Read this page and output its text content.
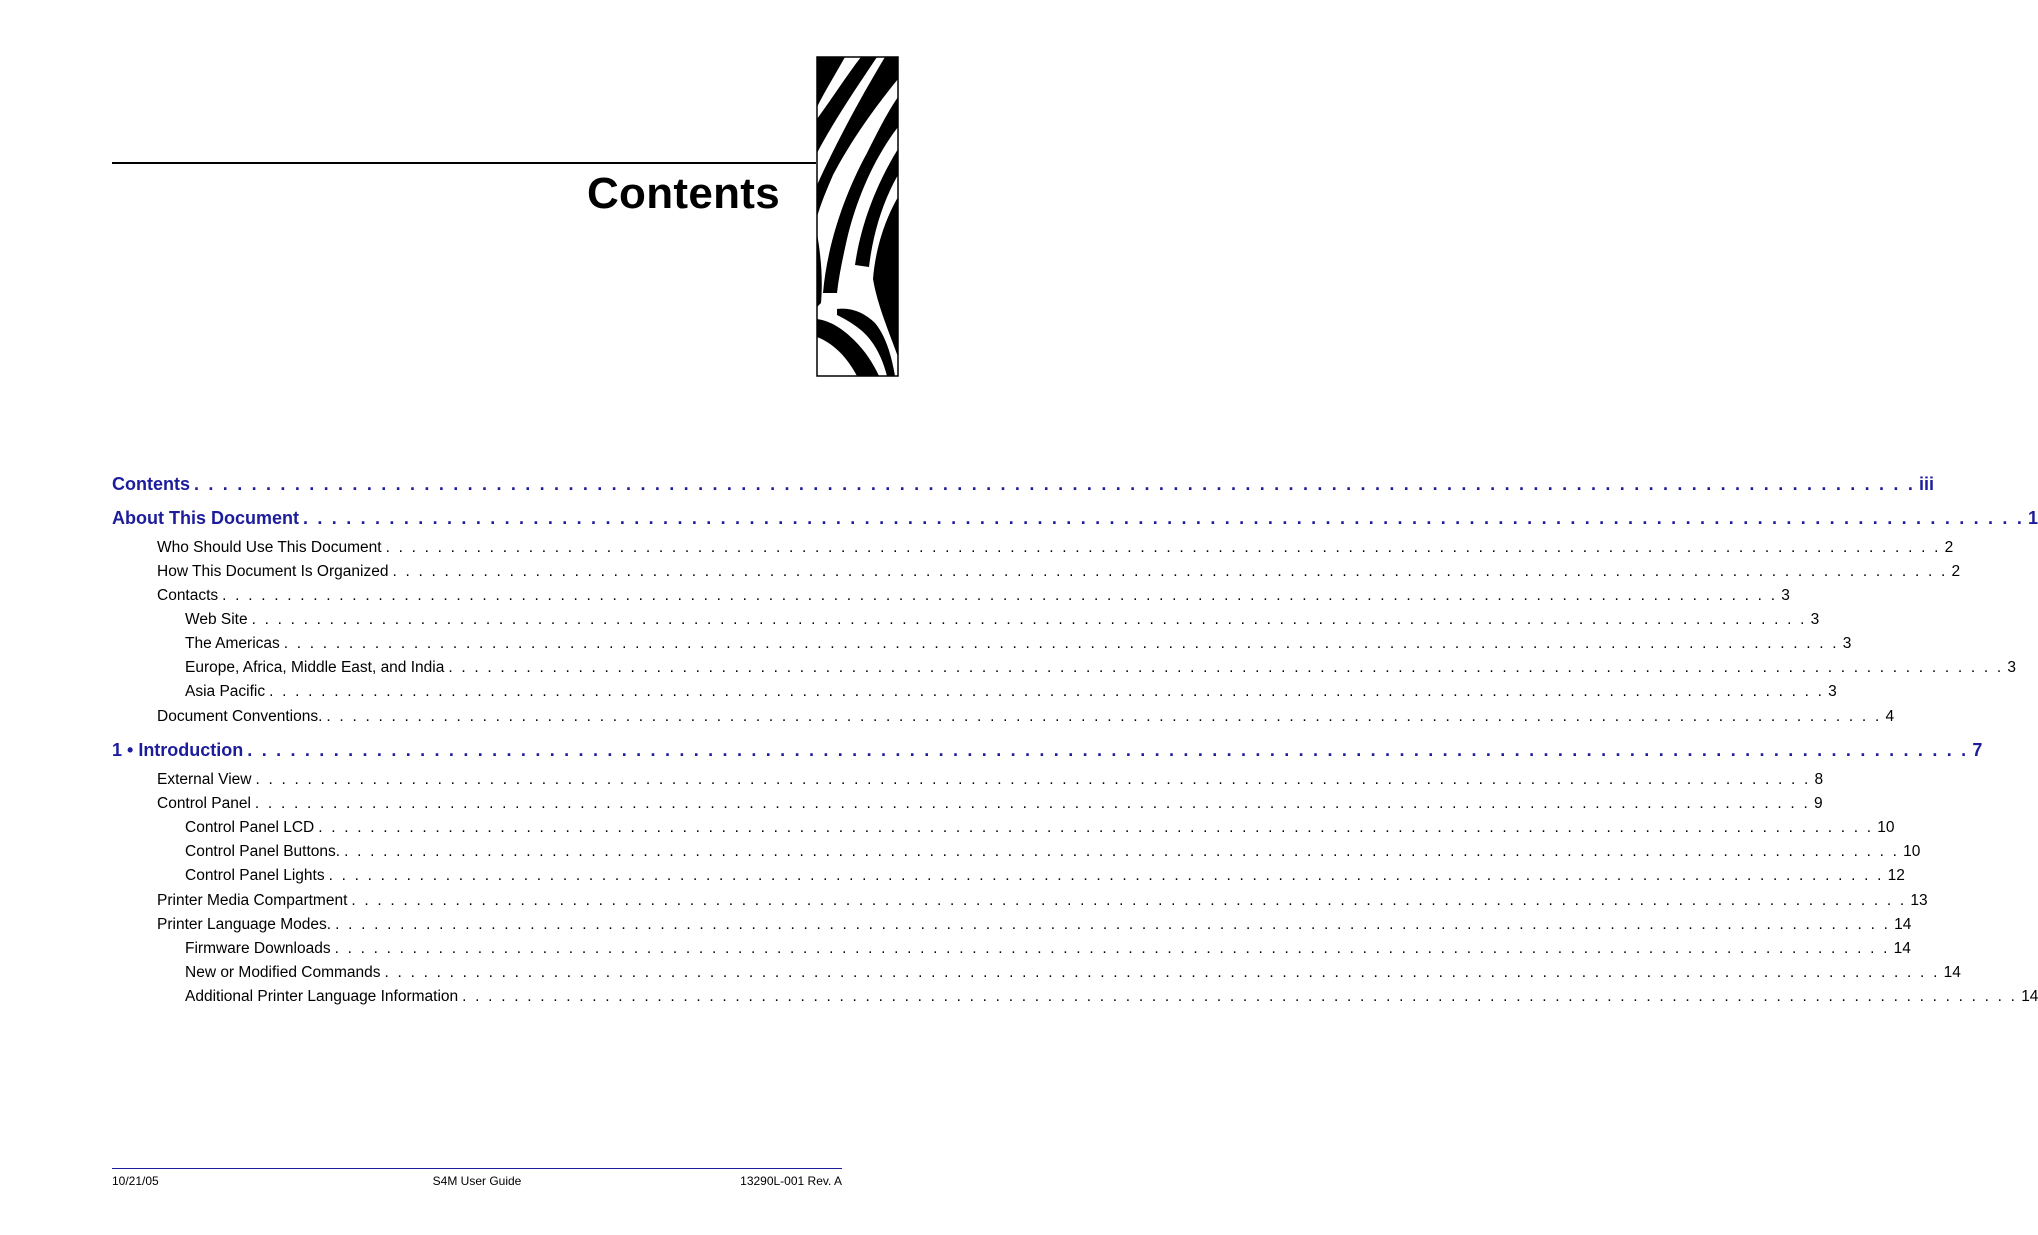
Contents
Contents . . . . . . . . . . . . . . . . . . . . . . . . . . . . . . . . . . . . . . . . . . . . . . . . . . . . . . . . . . . . . . . . . . . . . . . . . . . . . . . . . . . . . . . . . . . . . . . . . . . . . . . . . . . . . . . . . . . . . . . . iii
About This Document . . . . . . . . . . . . . . . . . . . . . . . . . . . . . . . . . . . . . . . . . . . . . . . . . . . . . . . . . . . . . . . . . . . . . . . . . . . . . . . . . . . . . . . . . . . . . . . . . . . . . . . . . . . . . . . . . . . . . . . . 1
Who Should Use This Document . . . . . . . . . . . . . . . . . . . . . . . . . . . . . . . . . . . . . . . . . . . . . . . . . . . . . . . . . . . . . . . . . . . . . . . . . . . . . . . . . . . . . . . . . . . . . . . . . . . . . . . . . . . . . . . . . . . . . . . . 2
How This Document Is Organized . . . . . . . . . . . . . . . . . . . . . . . . . . . . . . . . . . . . . . . . . . . . . . . . . . . . . . . . . . . . . . . . . . . . . . . . . . . . . . . . . . . . . . . . . . . . . . . . . . . . . . . . . . . . . . . . . . . . . . . . 2
Contacts . . . . . . . . . . . . . . . . . . . . . . . . . . . . . . . . . . . . . . . . . . . . . . . . . . . . . . . . . . . . . . . . . . . . . . . . . . . . . . . . . . . . . . . . . . . . . . . . . . . . . . . . . . . . . . . . . . . . . . . . 3
Web Site . . . . . . . . . . . . . . . . . . . . . . . . . . . . . . . . . . . . . . . . . . . . . . . . . . . . . . . . . . . . . . . . . . . . . . . . . . . . . . . . . . . . . . . . . . . . . . . . . . . . . . . . . . . . . . . . . . . . . . . . 3
The Americas . . . . . . . . . . . . . . . . . . . . . . . . . . . . . . . . . . . . . . . . . . . . . . . . . . . . . . . . . . . . . . . . . . . . . . . . . . . . . . . . . . . . . . . . . . . . . . . . . . . . . . . . . . . . . . . . . . . . . . . . 3
Europe, Africa, Middle East, and India . . . . . . . . . . . . . . . . . . . . . . . . . . . . . . . . . . . . . . . . . . . . . . . . . . . . . . . . . . . . . . . . . . . . . . . . . . . . . . . . . . . . . . . . . . . . . . . . . . . . . . . . . . . . . . . . . . . . . . . . 3
Asia Pacific . . . . . . . . . . . . . . . . . . . . . . . . . . . . . . . . . . . . . . . . . . . . . . . . . . . . . . . . . . . . . . . . . . . . . . . . . . . . . . . . . . . . . . . . . . . . . . . . . . . . . . . . . . . . . . . . . . . . . . . . 3
Document Conventions. . . . . . . . . . . . . . . . . . . . . . . . . . . . . . . . . . . . . . . . . . . . . . . . . . . . . . . . . . . . . . . . . . . . . . . . . . . . . . . . . . . . . . . . . . . . . . . . . . . . . . . . . . . . . . . . . . . . . . . . . 4
1 • Introduction . . . . . . . . . . . . . . . . . . . . . . . . . . . . . . . . . . . . . . . . . . . . . . . . . . . . . . . . . . . . . . . . . . . . . . . . . . . . . . . . . . . . . . . . . . . . . . . . . . . . . . . . . . . . . . . . . . . . . . . . 7
External View . . . . . . . . . . . . . . . . . . . . . . . . . . . . . . . . . . . . . . . . . . . . . . . . . . . . . . . . . . . . . . . . . . . . . . . . . . . . . . . . . . . . . . . . . . . . . . . . . . . . . . . . . . . . . . . . . . . . . . . . 8
Control Panel . . . . . . . . . . . . . . . . . . . . . . . . . . . . . . . . . . . . . . . . . . . . . . . . . . . . . . . . . . . . . . . . . . . . . . . . . . . . . . . . . . . . . . . . . . . . . . . . . . . . . . . . . . . . . . . . . . . . . . . . 9
Control Panel LCD . . . . . . . . . . . . . . . . . . . . . . . . . . . . . . . . . . . . . . . . . . . . . . . . . . . . . . . . . . . . . . . . . . . . . . . . . . . . . . . . . . . . . . . . . . . . . . . . . . . . . . . . . . . . . . . . . . . . . . . . 10
Control Panel Buttons. . . . . . . . . . . . . . . . . . . . . . . . . . . . . . . . . . . . . . . . . . . . . . . . . . . . . . . . . . . . . . . . . . . . . . . . . . . . . . . . . . . . . . . . . . . . . . . . . . . . . . . . . . . . . . . . . . . . . . . . . 10
Control Panel Lights . . . . . . . . . . . . . . . . . . . . . . . . . . . . . . . . . . . . . . . . . . . . . . . . . . . . . . . . . . . . . . . . . . . . . . . . . . . . . . . . . . . . . . . . . . . . . . . . . . . . . . . . . . . . . . . . . . . . . . . . 12
Printer Media Compartment . . . . . . . . . . . . . . . . . . . . . . . . . . . . . . . . . . . . . . . . . . . . . . . . . . . . . . . . . . . . . . . . . . . . . . . . . . . . . . . . . . . . . . . . . . . . . . . . . . . . . . . . . . . . . . . . . . . . . . . . 13
Printer Language Modes. . . . . . . . . . . . . . . . . . . . . . . . . . . . . . . . . . . . . . . . . . . . . . . . . . . . . . . . . . . . . . . . . . . . . . . . . . . . . . . . . . . . . . . . . . . . . . . . . . . . . . . . . . . . . . . . . . . . . . . . . 14
Firmware Downloads . . . . . . . . . . . . . . . . . . . . . . . . . . . . . . . . . . . . . . . . . . . . . . . . . . . . . . . . . . . . . . . . . . . . . . . . . . . . . . . . . . . . . . . . . . . . . . . . . . . . . . . . . . . . . . . . . . . . . . . . 14
New or Modified Commands . . . . . . . . . . . . . . . . . . . . . . . . . . . . . . . . . . . . . . . . . . . . . . . . . . . . . . . . . . . . . . . . . . . . . . . . . . . . . . . . . . . . . . . . . . . . . . . . . . . . . . . . . . . . . . . . . . . . . . . . 14
Additional Printer Language Information . . . . . . . . . . . . . . . . . . . . . . . . . . . . . . . . . . . . . . . . . . . . . . . . . . . . . . . . . . . . . . . . . . . . . . . . . . . . . . . . . . . . . . . . . . . . . . . . . . . . . . . . . . . . . . . . . . . . . . . . 14
10/21/05	S4M User Guide	13290L-001 Rev. A
